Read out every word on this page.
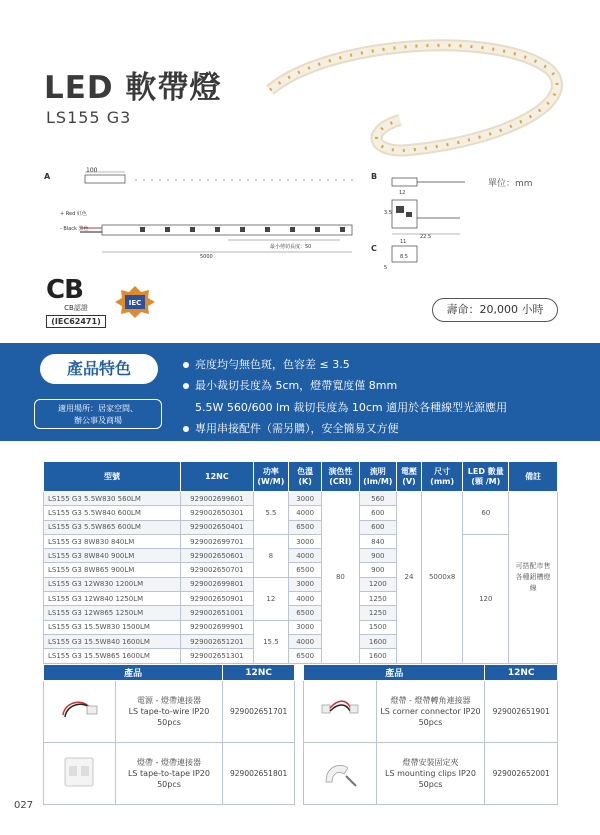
LED 軟帶燈
LS155 G3
A	B
C
單位：mm
100
+ Red 紅色
- Black 黑色
最小剪切長度：50
5000
12
3.5
22.5
11
8.5
5
CB
CB認證
(IEC62471)
IEC	壽命：20,000 小時
產品特色
適用場所：居家空間、
辦公事及商場
亮度均勻無色斑，色容差 ≤ 3.5
最小裁切長度為 5cm，燈帶寬度僅 8mm
5.5W 560/600 lm 裁切長度為 10cm 適用於各種線型光源應用
專用串接配件（需另購），安全簡易又方便
型號	12NC	功率 (W/M)	色溫 (K)	演色性 (CRI)	流明 (lm/M)	電壓 (V)	尺寸 (mm)	LED 數量 (顆 /M)	備註
LS155 G3 5.5W830 560LM	929002699601	5.5	3000	80	560	24	5000x8	60	可搭配市售各種鋁槽燈線
LS155 G3 5.5W840 600LM	929002650301		4000		600				
LS155 G3 5.5W865 600LM	929002650401		6500		600				
LS155 G3 8W830 840LM	929002699701	8	3000		840			120	
LS155 G3 8W840 900LM	929002650601		4000		900				
LS155 G3 8W865 900LM	929002650701		6500		900				
LS155 G3 12W830 1200LM	929002699801	12	3000		1200				
LS155 G3 12W840 1250LM	929002650901		4000		1250				
LS155 G3 12W865 1250LM	929002651001		6500		1250				
LS155 G3 15.5W830 1500LM	929002699901	15.5	3000		1500				
LS155 G3 15.5W840 1600LM	929002651201		4000		1600				
LS155 G3 15.5W865 1600LM	929002651301		6500		1600				
產品		12NC

電源 - 燈帶連接器
LS tape-to-wire IP20
50pcs	929002651701

燈帶 - 燈帶連接器
LS tape-to-tape IP20
50pcs	929002651801
產品		12NC

燈帶 - 燈帶轉角連接器
LS corner connector IP20
50pcs	929002651901

燈帶安裝固定夾
LS mounting clips IP20
50pcs	929002652001
027
